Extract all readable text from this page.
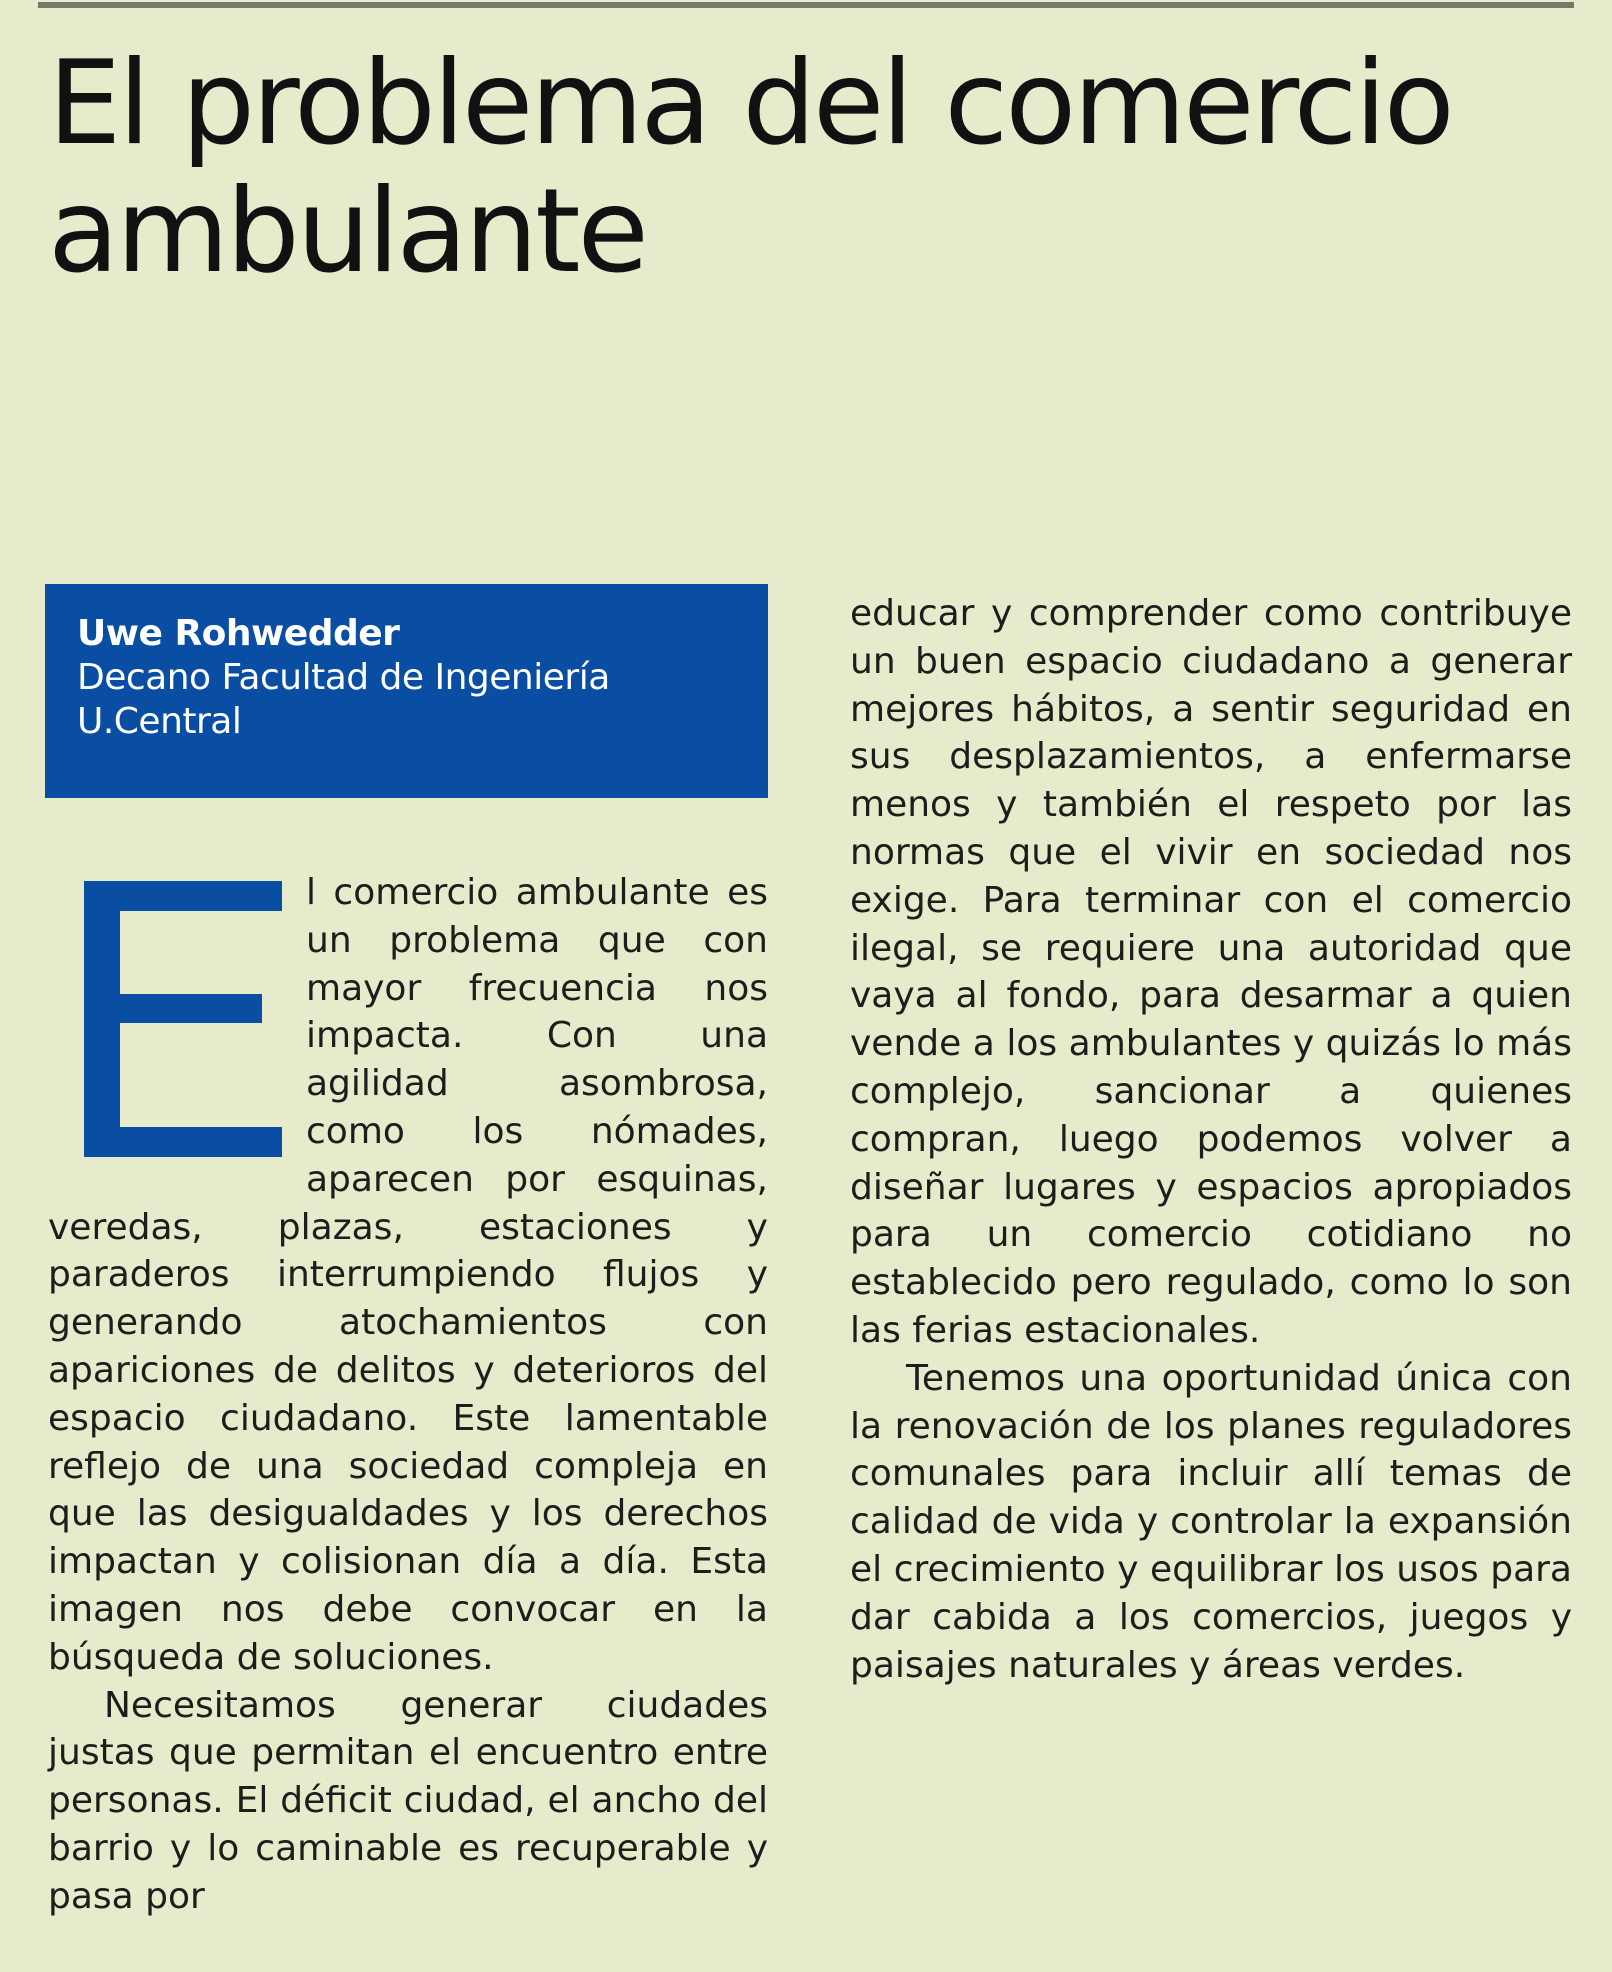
El problema del comercio ambulante
Uwe Rohwedder
Decano Facultad de Ingeniería
U.Central

l comercio ambulante es un problema que con mayor frecuencia nos impacta. Con una agilidad asombrosa, como los nómades, aparecen por esquinas, veredas, plazas, estaciones y paraderos interrumpiendo flujos y generando atochamientos con apariciones de delitos y deterioros del espacio ciudadano. Este lamentable reflejo de una sociedad compleja en que las desigualdades y los derechos impactan y colisionan día a día. Esta imagen nos debe convocar en la búsqueda de soluciones.

Necesitamos generar ciudades justas que permitan el encuentro entre personas. El déficit ciudad, el ancho del barrio y lo caminable es recuperable y pasa por

educar y comprender como contribuye un buen espacio ciudadano a generar mejores hábitos, a sentir seguridad en sus desplazamientos, a enfermarse menos y también el respeto por las normas que el vivir en sociedad nos exige. Para terminar con el comercio ilegal, se requiere una autoridad que vaya al fondo, para desarmar a quien vende a los ambulantes y quizás lo más complejo, sancionar a quienes compran, luego podemos volver a diseñar lugares y espacios apropiados para un comercio cotidiano no establecido pero regulado, como lo son las ferias estacionales.

Tenemos una oportunidad única con la renovación de los planes reguladores comunales para incluir allí temas de calidad de vida y controlar la expansión el crecimiento y equilibrar los usos para dar cabida a los comercios, juegos y paisajes naturales y áreas verdes.
